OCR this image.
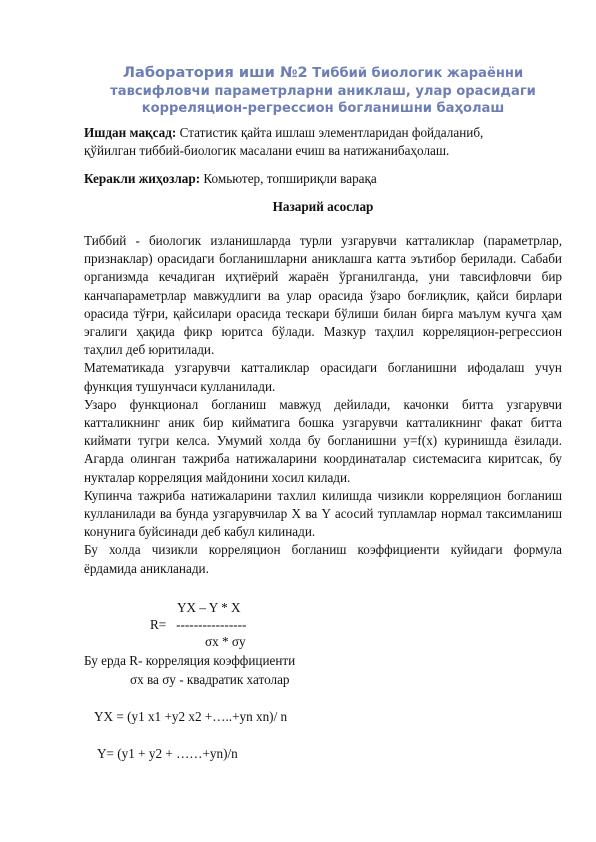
Лаборатория иши №2 Тиббий биологик жараённи тавсифловчи параметрларни аниклаш, улар орасидаги корреляцион-регрессион богланишни баҳолаш
Ишдан мақсад: Статистик қайта ишлаш элементларидан фойдаланиб,
қўйилган тиббий-биологик масалани ечиш ва натижанибаҳолаш.
Керакли жиҳозлар: Комьютер, топшириқли варақа
Назарий асослар

Тиббий - биологик изланишларда турли узгарувчи катталиклар (параметрлар, признаклар) орасидаги богланишларни аниклашга катта эътибор берилади. Сабаби организмда кечадиган иҳтиёрий жараён ўрганилганда, уни тавсифловчи бир канчапараметрлар мавжудлиги ва улар орасида ўзаро боғлиқлик, қайси бирлари орасида тўғри, қайсилари орасида тескари бўлиши билан бирга маълум кучга ҳам эгалиги ҳақида фикр юритса бўлади. Мазкур таҳлил корреляцион-регрессион таҳлил деб юритилади.

Математикада узгарувчи катталиклар орасидаги богланишни ифодалаш учун функция тушунчаси кулланилади.

Узаро функционал богланиш мавжуд дейилади, качонки битта узгарувчи катталикнинг аник бир кийматига бошка узгарувчи катталикнинг факат битта киймати тугри келса. Умумий холда бу богланишни y=f(x) куринишда ёзилади. Агарда олинган тажриба натижаларини координаталар системасига киритсак, бу нукталар корреляция майдонини хосил килади.

Купинча тажриба натижаларини тахлил килишда чизикли корреляцион богланиш кулланилади ва бунда узгарувчилар X ва Y асосий тупламлар нормал таксимланиш конунига буйсинади деб кабул килинади.

Бу холда чизикли корреляцион богланиш коэффициенти куйидаги формула ёрдамида аникланади.

YX – Y * X
R= ----------------
σx * σy
Бу ерда R- корреляция коэффициенти
σx ва σy - квадратик хатолар
YX = (y1 x1 +y2 x2 +…..+yn xn)/ n
Y= (y1 + y2 + ……+yn)/n
